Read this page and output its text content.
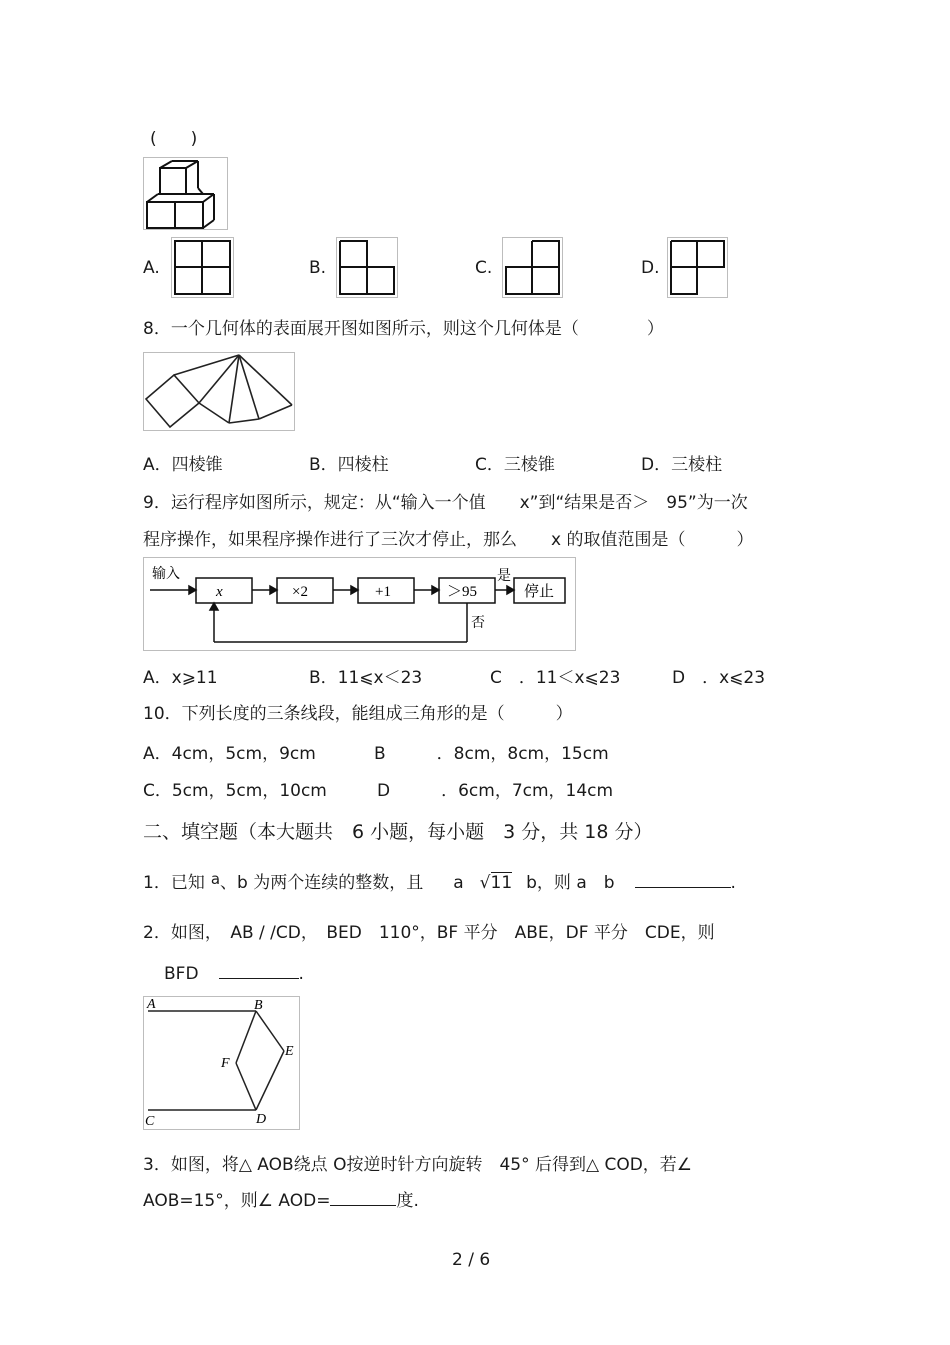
(　　)
A.	B.	C.	D.
8．一个几何体的表面展开图如图所示，则这个几何体是（　　　　）
A．四棱锥	B．四棱柱	C．三棱锥	D．三棱柱
9．运行程序如图所示，规定：从“输入一个值　　x”到“结果是否＞　95”为一次
程序操作，如果程序操作进行了三次才停止，那么　　x 的取值范围是（　　　）
输入
x	×2	+1	＞95
是
停止
否
A．x⩾11	B．11⩽x＜23	C　．11＜x⩽23	D　．x⩽23
10．下列长度的三条线段，能组成三角形的是（　　　）
A．4cm，5cm，9cm	B　　　．8cm，8cm，15cm
C．5cm，5cm，10cm	D　　　．6cm，7cm，14cm
二、填空题（本大题共　6 小题，每小题　3 分，共 18 分）
1．已知 a、b 为两个连续的整数，且 a √11 b，则 a　b	.
2．如图，　AB / /CD，　BED　110°，BF 平分　ABE，DF 平分　CDE，则
BFD	.
A	B
E
F
C	D
3．如图，将△ AOB绕点 O按逆时针方向旋转　45° 后得到△ COD，若∠
AOB=15°，则∠ AOD=	度.
2 / 6
